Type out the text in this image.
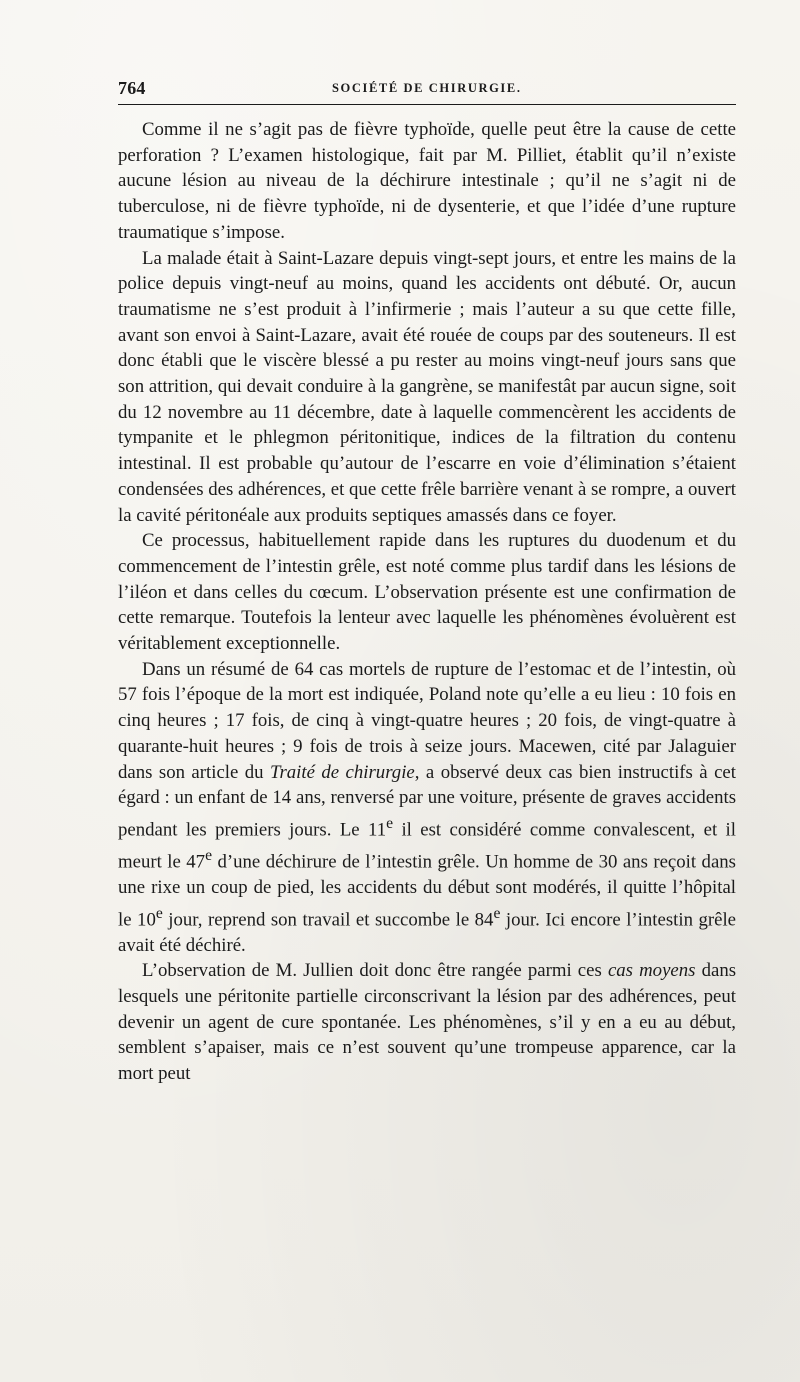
764	SOCIÉTÉ DE CHIRURGIE.

Comme il ne s’agit pas de fièvre typhoïde, quelle peut être la cause de cette perforation ? L’examen histologique, fait par M. Pilliet, établit qu’il n’existe aucune lésion au niveau de la déchirure intestinale ; qu’il ne s’agit ni de tuberculose, ni de fièvre typhoïde, ni de dysenterie, et que l’idée d’une rupture traumatique s’impose.

La malade était à Saint-Lazare depuis vingt-sept jours, et entre les mains de la police depuis vingt-neuf au moins, quand les accidents ont débuté. Or, aucun traumatisme ne s’est produit à l’infirmerie ; mais l’auteur a su que cette fille, avant son envoi à Saint-Lazare, avait été rouée de coups par des souteneurs. Il est donc établi que le viscère blessé a pu rester au moins vingt-neuf jours sans que son attrition, qui devait conduire à la gangrène, se manifestât par aucun signe, soit du 12 novembre au 11 décembre, date à laquelle commencèrent les accidents de tympanite et le phlegmon péritonitique, indices de la filtration du contenu intestinal. Il est probable qu’autour de l’escarre en voie d’élimination s’étaient condensées des adhérences, et que cette frêle barrière venant à se rompre, a ouvert la cavité péritonéale aux produits septiques amassés dans ce foyer.

Ce processus, habituellement rapide dans les ruptures du duodenum et du commencement de l’intestin grêle, est noté comme plus tardif dans les lésions de l’iléon et dans celles du cœcum. L’observation présente est une confirmation de cette remarque. Toutefois la lenteur avec laquelle les phénomènes évoluèrent est véritablement exceptionnelle.

Dans un résumé de 64 cas mortels de rupture de l’estomac et de l’intestin, où 57 fois l’époque de la mort est indiquée, Poland note qu’elle a eu lieu : 10 fois en cinq heures ; 17 fois, de cinq à vingt-quatre heures ; 20 fois, de vingt-quatre à quarante-huit heures ; 9 fois de trois à seize jours. Macewen, cité par Jalaguier dans son article du Traité de chirurgie, a observé deux cas bien instructifs à cet égard : un enfant de 14 ans, renversé par une voiture, présente de graves accidents pendant les premiers jours. Le 11e il est considéré comme convalescent, et il meurt le 47e d’une déchirure de l’intestin grêle. Un homme de 30 ans reçoit dans une rixe un coup de pied, les accidents du début sont modérés, il quitte l’hôpital le 10e jour, reprend son travail et succombe le 84e jour. Ici encore l’intestin grêle avait été déchiré.

L’observation de M. Jullien doit donc être rangée parmi ces cas moyens dans lesquels une péritonite partielle circonscrivant la lésion par des adhérences, peut devenir un agent de cure spontanée. Les phénomènes, s’il y en a eu au début, semblent s’apaiser, mais ce n’est souvent qu’une trompeuse apparence, car la mort peut
